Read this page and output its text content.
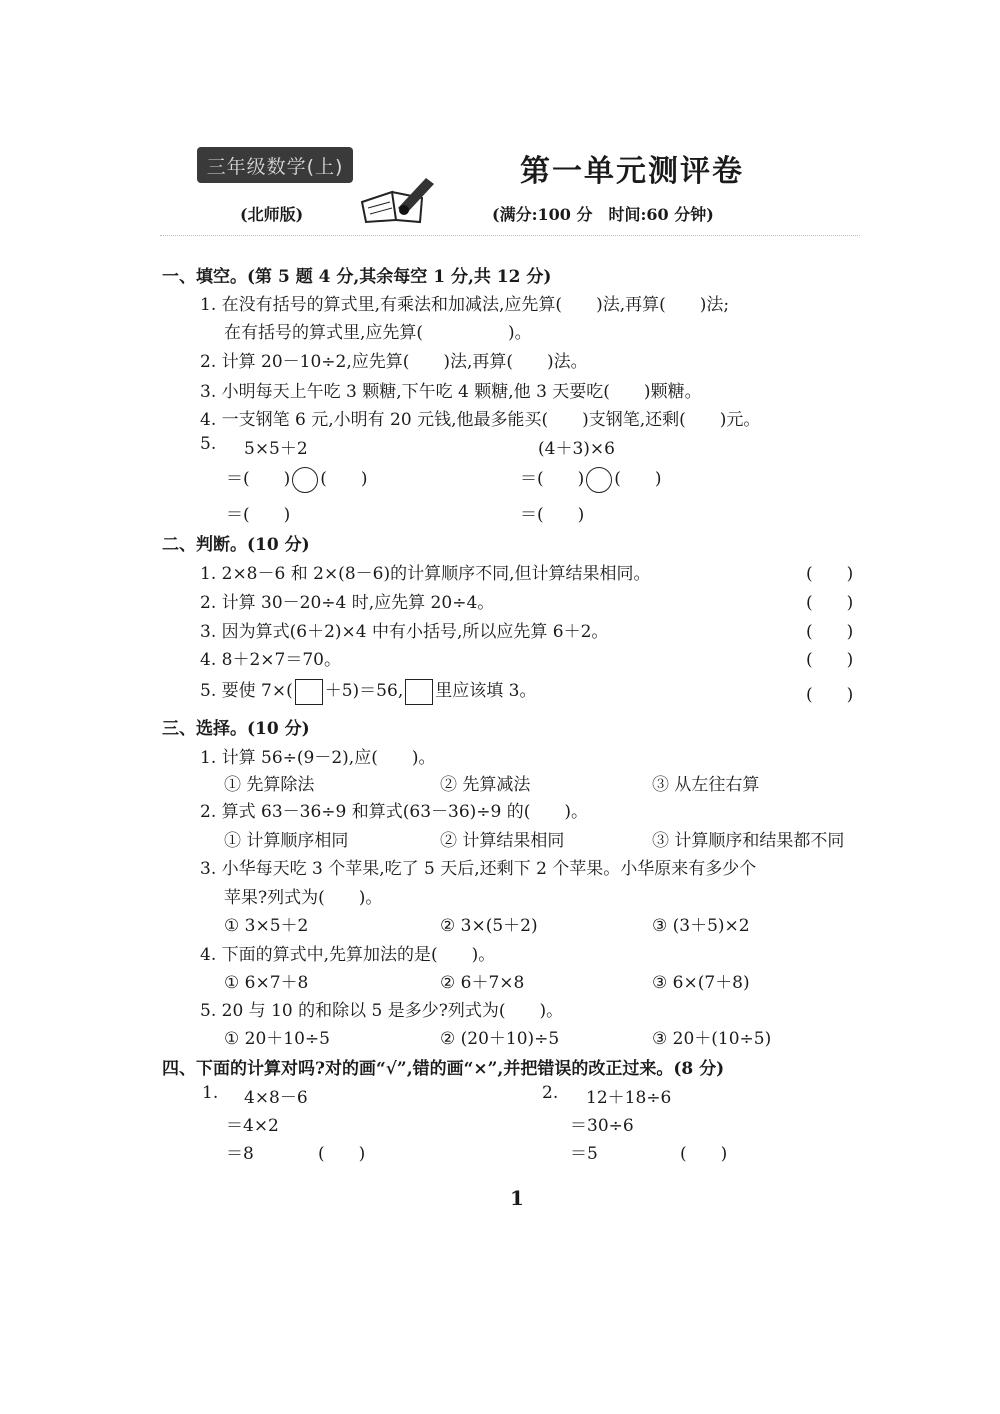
三年级数学(上)	第一单元测评卷
(北师版)	(满分:100 分　时间:60 分钟)
一、填空。(第 5 题 4 分,其余每空 1 分,共 12 分)
1. 在没有括号的算式里,有乘法和加减法,应先算(　　)法,再算(　　)法;
在有括号的算式里,应先算(　　　　　)。
2. 计算 20－10÷2,应先算(　　)法,再算(　　)法。
3. 小明每天上午吃 3 颗糖,下午吃 4 颗糖,他 3 天要吃(　　)颗糖。
4. 一支钢笔 6 元,小明有 20 元钱,他最多能买(　　)支钢笔,还剩(　　)元。
5. 5×5＋2	(4＋3)×6
＝(　　) (　　)	＝(　　) (　　)
＝(　　)	＝(　　)
二、判断。(10 分)
1. 2×8－6 和 2×(8－6)的计算顺序不同,但计算结果相同。	(　　)
2. 计算 30－20÷4 时,应先算 20÷4。	(　　)
3. 因为算式(6＋2)×4 中有小括号,所以应先算 6＋2。	(　　)
4. 8＋2×7＝70。	(　　)
5. 要使 7×( ＋5)＝56, 里应该填 3。	(　　)
三、选择。(10 分)
1. 计算 56÷(9－2),应(　　)。
① 先算除法	② 先算减法	③ 从左往右算
2. 算式 63－36÷9 和算式(63－36)÷9 的(　　)。
① 计算顺序相同	② 计算结果相同	③ 计算顺序和结果都不同
3. 小华每天吃 3 个苹果,吃了 5 天后,还剩下 2 个苹果。小华原来有多少个
苹果?列式为(　　)。
① 3×5＋2	② 3×(5＋2)	③ (3＋5)×2
4. 下面的算式中,先算加法的是(　　)。
① 6×7＋8	② 6＋7×8	③ 6×(7＋8)
5. 20 与 10 的和除以 5 是多少?列式为(　　)。
① 20＋10÷5	② (20＋10)÷5	③ 20＋(10÷5)
四、下面的计算对吗?对的画“√”,错的画“×”,并把错误的改正过来。(8 分)
1. 4×8－6
＝4×2
＝8	(　　)
2. 12＋18÷6
＝30÷6
＝5	(　　)
1
